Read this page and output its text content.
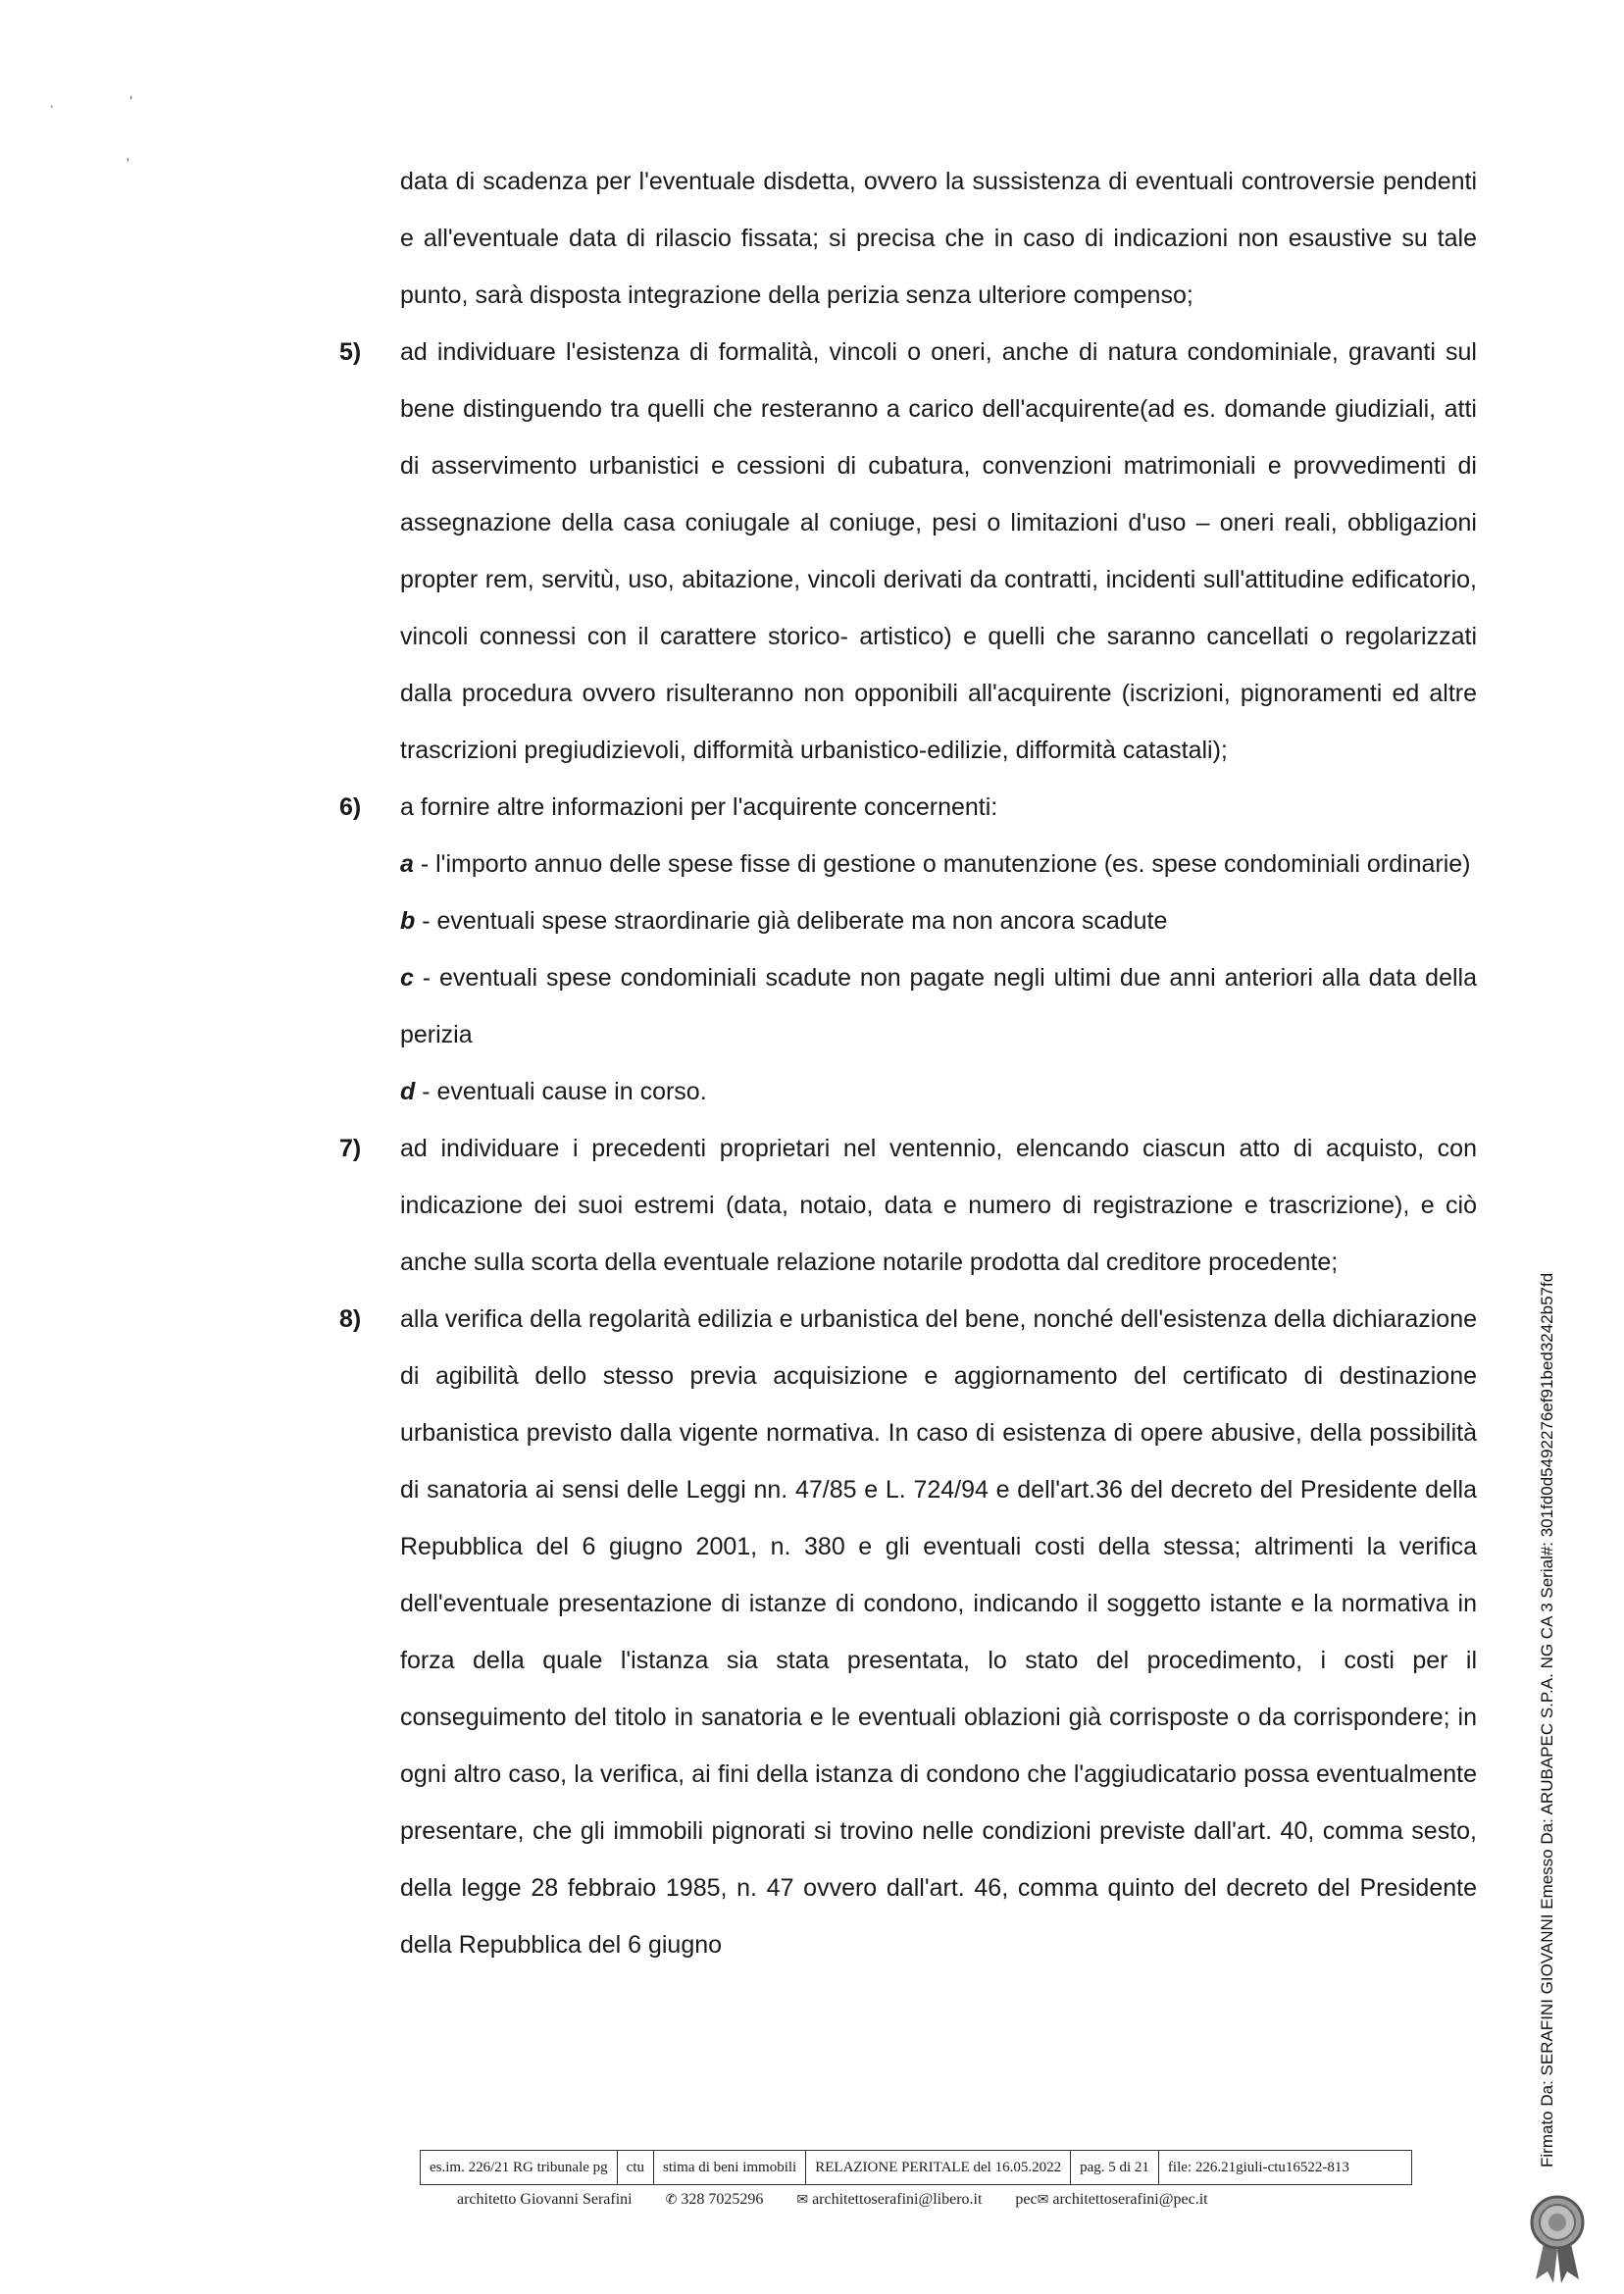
·	'
,

data di scadenza per l'eventuale disdetta, ovvero la sussistenza di eventuali controversie pendenti e all'eventuale data di rilascio fissata; si precisa che in caso di indicazioni non esaustive su tale punto, sarà disposta integrazione della perizia senza ulteriore compenso;

5) ad individuare l'esistenza di formalità, vincoli o oneri, anche di natura condominiale, gravanti sul bene distinguendo tra quelli che resteranno a carico dell'acquirente(ad es. domande giudiziali, atti di asservimento urbanistici e cessioni di cubatura, convenzioni matrimoniali e provvedimenti di assegnazione della casa coniugale al coniuge, pesi o limitazioni d'uso – oneri reali, obbligazioni propter rem, servitù, uso, abitazione, vincoli derivati da contratti, incidenti sull'attitudine edificatorio, vincoli connessi con il carattere storico- artistico) e quelli che saranno cancellati o regolarizzati dalla procedura ovvero risulteranno non opponibili all'acquirente (iscrizioni, pignoramenti ed altre trascrizioni pregiudizievoli, difformità urbanistico-edilizie, difformità catastali);

6) a fornire altre informazioni per l'acquirente concernenti:

a - l'importo annuo delle spese fisse di gestione o manutenzione (es. spese condominiali ordinarie)

b - eventuali spese straordinarie già deliberate ma non ancora scadute

c - eventuali spese condominiali scadute non pagate negli ultimi due anni anteriori alla data della perizia

d - eventuali cause in corso.

7) ad individuare i precedenti proprietari nel ventennio, elencando ciascun atto di acquisto, con indicazione dei suoi estremi (data, notaio, data e numero di registrazione e trascrizione), e ciò anche sulla scorta della eventuale relazione notarile prodotta dal creditore procedente;

8) alla verifica della regolarità edilizia e urbanistica del bene, nonché dell'esistenza della dichiarazione di agibilità dello stesso previa acquisizione e aggiornamento del certificato di destinazione urbanistica previsto dalla vigente normativa. In caso di esistenza di opere abusive, della possibilità di sanatoria ai sensi delle Leggi nn. 47/85 e L. 724/94 e dell'art.36 del decreto del Presidente della Repubblica del 6 giugno 2001, n. 380 e gli eventuali costi della stessa; altrimenti la verifica dell'eventuale presentazione di istanze di condono, indicando il soggetto istante e la normativa in forza della quale l'istanza sia stata presentata, lo stato del procedimento, i costi per il conseguimento del titolo in sanatoria e le eventuali oblazioni già corrisposte o da corrispondere; in ogni altro caso, la verifica, ai fini della istanza di condono che l'aggiudicatario possa eventualmente presentare, che gli immobili pignorati si trovino nelle condizioni previste dall'art. 40, comma sesto, della legge 28 febbraio 1985, n. 47 ovvero dall'art. 46, comma quinto del decreto del Presidente della Repubblica del 6 giugno

es.im. 226/21 RG tribunale pg	ctu	stima di beni immobili	RELAZIONE PERITALE del 16.05.2022	pag. 5 di 21	file: 226.21giuli-ctu16522-813
architetto Giovanni Serafini ✆ 328 7025296 ✉ architettoserafini@libero.it pec✉ architettoserafini@pec.it
Firmato Da: SERAFINI GIOVANNI Emesso Da: ARUBAPEC S.P.A. NG CA 3 Serial#: 301fd0d5492276ef91bed3242b57fd
